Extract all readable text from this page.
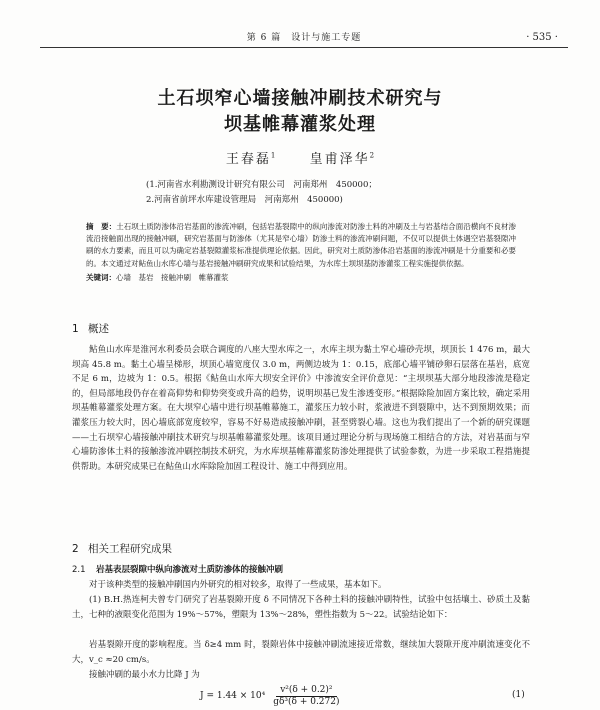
第 6 篇　设计与施工专题	· 535 ·
土石坝窄心墙接触冲刷技术研究与
坝基帷幕灌浆处理
王春磊$^1$	皇甫泽华$^2$
(1.河南省水利勘测设计研究有限公司　河南郑州　450000；
2.河南省前坪水库建设管理局　河南郑州　450000)
摘　要：土石坝土质防渗体沿岩基面的渗流冲刷，包括岩基裂隙中的纵向渗流对防渗土料的冲刷及土与岩基结合面沿横向不良材渗流沿接触面出现的接触冲刷，研究岩基面与防渗体（尤其是窄心墙）防渗土料的渗流冲刷问题，不仅可以提供土体遇空岩基裂隙冲刷的水力要素，而且可以为确定岩基裂隙灌浆标准提供理论依据。因此，研究对土质防渗体沿岩基面的渗流冲刷是十分重要和必要的。本文通过对鲇鱼山水库心墙与基岩接触冲刷研究成果和试验结果，为水库土坝坝基防渗灌浆工程实施提供依据。
关键词：心墙　基岩　接触冲刷　帷幕灌浆
1 概述
鲇鱼山水库是淮河水利委员会联合调度的八座大型水库之一，水库主坝为黏土窄心墙砂壳坝，坝顶长 1 476 m，最大坝高 45.8 m。黏土心墙呈梯形，坝顶心墙宽度仅 3.0 m，两侧边坡为 1：0.15，底部心墙平铺砂卵石层落在基岩，底宽不足 6 m，边坡为 1：0.5。根据《鲇鱼山水库大坝安全评价》中渗流安全评价意见：“主坝坝基大部分地段渗流是稳定的，但局部地段仍存在着高仰势和仰势突变或升高的趋势，说明坝基已发生渗透变形。”根据除险加固方案比较，确定采用坝基帷幕灌浆处理方案。在大坝窄心墙中进行坝基帷幕施工，灌浆压力较小时，浆液进不到裂隙中，达不到预期效果；而灌浆压力较大时，因心墙底部宽度较窄，容易不好易造成接触冲刷，甚至劈裂心墙。这也为我们提出了一个新的研究课题——土石坝窄心墙接触冲刷技术研究与坝基帷幕灌浆处理。该项目通过理论分析与现场施工相结合的方法，对岩基面与窄心墙防渗体土料的接触渗流冲刷控制技术研究，为水库坝基帷幕灌浆防渗处理提供了试验参数，为进一步采取工程措施提供帮助。本研究成果已在鲇鱼山水库除险加固工程设计、施工中得到应用。
2 相关工程研究成果
2.1 岩基表层裂隙中纵向渗流对土质防渗体的接触冲刷
对于该种类型的接触冲刷国内外研究的相对较多，取得了一些成果，基本如下。
(1) B.H.热连柯夫曾专门研究了岩基裂隙开度 δ 不同情况下各种土料的接触冲刷特性，试验中包括壤土、砂质土及黏土，七种的液限变化范围为 19%～57%，塑限为 13%～28%，塑性指数为 5～22。试验结论如下：
岩基裂隙开度的影响程度。当 δ≥4 mm 时，裂隙岩体中接触冲刷流速接近常数，继续加大裂隙开度冲刷流速变化不大，v_c ≈20 cm/s。
接触冲刷的最小水力比降 J 为
$J = 1.44 \times 10^4 \frac{\text{v²(δ + 0.2)²}}{\text{gδ³(δ + 0.272)}}$	(1)
